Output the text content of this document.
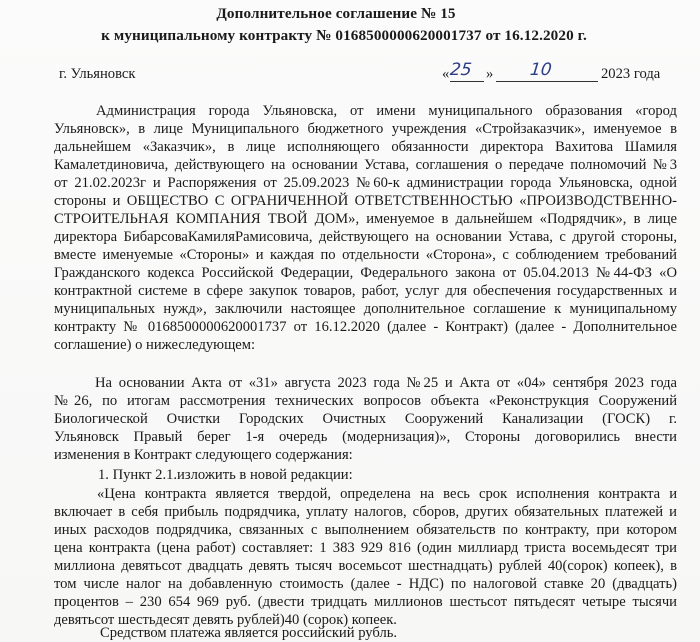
Дополнительное соглашение № 15
к муниципальному контракту № 0168500000620001737 от 16.12.2020 г.
г. Ульяновск	« 25 » 10	2023 года
Администрация города Ульяновска, от имени муниципального образования «город
Ульяновск», в лице Муниципального бюджетного учреждения «Стройзаказчик», именуемое в
дальнейшем «Заказчик», в лице исполняющего обязанности директора Вахитова Шамиля
Камалетдиновича, действующего на основании Устава, соглашения о передаче полномочий №3
от 21.02.2023г и Распоряжения от 25.09.2023 №60-к администрации города Ульяновска, одной
стороны и ОБЩЕСТВО С ОГРАНИЧЕННОЙ ОТВЕТСТВЕННОСТЬЮ «ПРОИЗВОДСТВЕННО-
СТРОИТЕЛЬНАЯ КОМПАНИЯ ТВОЙ ДОМ», именуемое в дальнейшем «Подрядчик», в лице
директора БибарсоваКамиляРамисовича, действующего на основании Устава, с другой стороны,
вместе именуемые «Стороны» и каждая по отдельности «Сторона», с соблюдением требований
Гражданского кодекса Российской Федерации, Федерального закона от 05.04.2013 №44-ФЗ «О
контрактной системе в сфере закупок товаров, работ, услуг для обеспечения государственных и
муниципальных нужд», заключили настоящее дополнительное соглашение к муниципальному
контракту № 0168500000620001737 от 16.12.2020 (далее - Контракт) (далее - Дополнительное
соглашение) о нижеследующем:
На основании Акта от «31» августа 2023 года №25 и Акта от «04» сентября 2023 года
№26, по итогам рассмотрения технических вопросов объекта «Реконструкция Сооружений
Биологической Очистки Городских Очистных Сооружений Канализации (ГОСК) г.
Ульяновск Правый берег 1-я очередь (модернизация)», Стороны договорились внести
изменения в Контракт следующего содержания:
1. Пункт 2.1.изложить в новой редакции:
«Цена контракта является твердой, определена на весь срок исполнения контракта и
включает в себя прибыль подрядчика, уплату налогов, сборов, других обязательных платежей и
иных расходов подрядчика, связанных с выполнением обязательств по контракту, при котором
цена контракта (цена работ) составляет: 1 383 929 816 (один миллиард триста восемьдесят три
миллиона девятьсот двадцать девять тысяч восемьсот шестнадцать) рублей 40(сорок) копеек), в
том числе налог на добавленную стоимость (далее - НДС) по налоговой ставке 20 (двадцать)
процентов – 230 654 969 руб. (двести тридцать миллионов шестьсот пятьдесят четыре тысячи
девятьсот шестьдесят девять рублей)40 (сорок) копеек.
Средством платежа является российский рубль.
